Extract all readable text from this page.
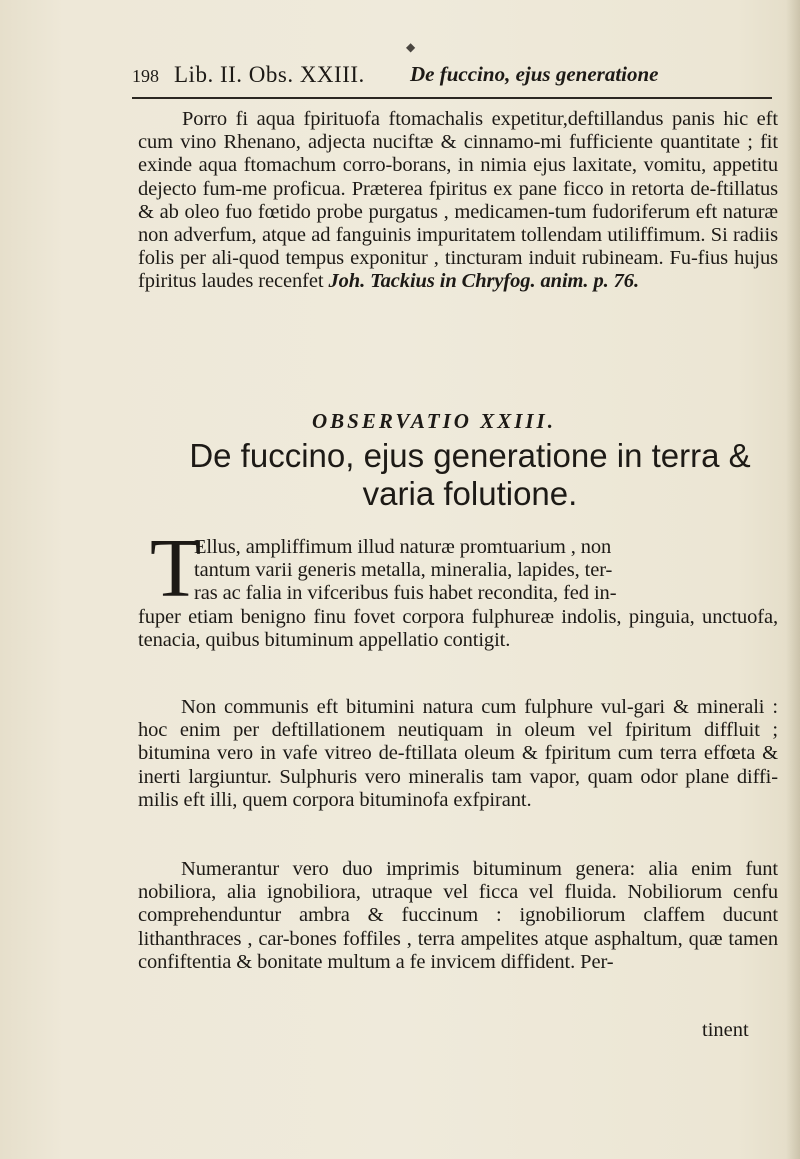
◆
198 Lib. II. Obs. XXIII. De fuccino, ejus generatione
Porro fi aqua fpirituofa ftomachalis expetitur,deftillandus panis hic eft cum vino Rhenano, adjecta nuciftæ & cinnamo-mi fufficiente quantitate ; fit exinde aqua ftomachum corro-borans, in nimia ejus laxitate, vomitu, appetitu dejecto fum-me proficua. Præterea fpiritus ex pane ficco in retorta de-ftillatus & ab oleo fuo fœtido probe purgatus , medicamen-tum fudoriferum eft naturæ non adverfum, atque ad fanguinis impuritatem tollendam utiliffimum. Si radiis folis per ali-quod tempus exponitur , tincturam induit rubineam. Fu-fius hujus fpiritus laudes recenfet Joh. Tackius in Chryfog. anim. p. 76.
OBSERVATIO XXIII.
De fuccino, ejus generatione in terra &
varia folutione.
T
Ellus, ampliffimum illud naturæ promtuarium , non
tantum varii generis metalla, mineralia, lapides, ter-
ras ac falia in vifceribus fuis habet recondita, fed in-
fuper etiam benigno finu fovet corpora fulphureæ indolis, pinguia, unctuofa, tenacia, quibus bituminum appellatio contigit.
Non communis eft bitumini natura cum fulphure vul-gari & minerali : hoc enim per deftillationem neutiquam in oleum vel fpiritum diffluit ; bitumina vero in vafe vitreo de-ftillata oleum & fpiritum cum terra effœta & inerti largiuntur. Sulphuris vero mineralis tam vapor, quam odor plane diffi-milis eft illi, quem corpora bituminofa exfpirant.
Numerantur vero duo imprimis bituminum genera: alia enim funt nobiliora, alia ignobiliora, utraque vel ficca vel fluida. Nobiliorum cenfu comprehenduntur ambra & fuccinum : ignobiliorum claffem ducunt lithanthraces , car-bones foffiles , terra ampelites atque asphaltum, quæ tamen confiftentia & bonitate multum a fe invicem diffident. Per-
tinent
